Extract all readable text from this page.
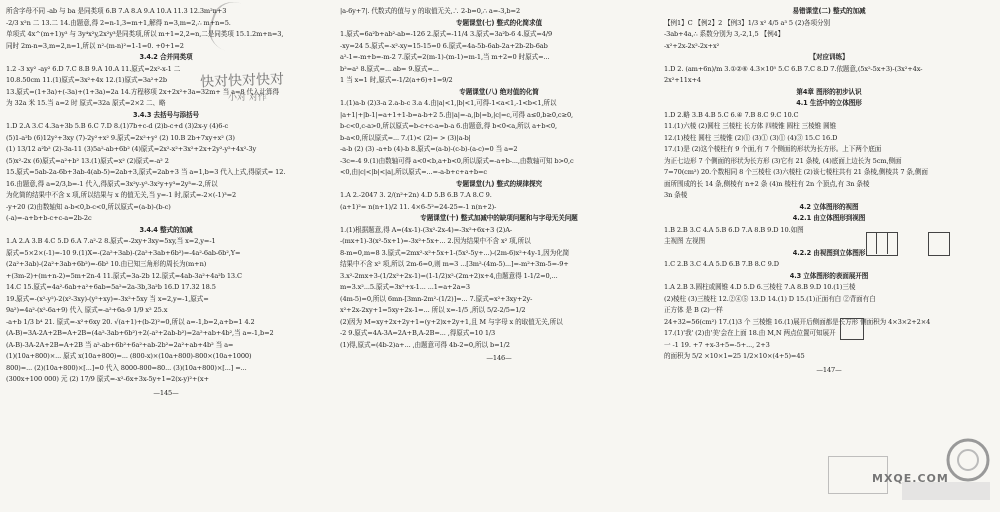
快对快对快对
小对 对作
所含字母不同 -ab 与 ba 是同类项 6.B 7.A 8.A 9.A 10.A 11.3 12.3m²n+3
-2/3 x²n 二 13.二 14.由题意,得 2=n-1,3=m+1,解得 n=3,m=2,∴ m+n=5.
单项式 4x^(m+1)y³ 与 3y⁴x²y,2x²y³是同类项,所以 m+1=2,2=n,二是同类项 15.1.2m+n=3,
同时 2m-n=3,m=2,n=1,所以 n²-(m-n)²=1-1=0. +0+1=2
3.4.2 合并同类项
1.2 -3 xy² -ay² 6.D 7.C 8.B 9.A 10.A 11.原式=2x²-x-1 二
10.8.50cm 11.(1)原式=3x²+4x 12.(1)原式=3a²+2b
13.原式=(1+3a)+(-3a)+(1+3a)=2a 14.方程移项 2x+2x²+3a=32m+ 当 a=8 代入计算得
为 32a 米 15.当 a=2 时 原式=32a 原式=2×2 二、略
3.4.3 去括号与添括号
1.D 2.A 3.C 4.3a+3b 5.B 6.C 7.D 8.(1)7b+c-d (2)b-c+d (3)2x-y (4)6-c
(5)1-a²b (6)12y²+3xy (7)-2y²+x² 9.原式=2x²+y² (2) 10.B 2b+7xy+x² (3)
(1) 13/12 a²b² (2)-3a-11 (3)5a²-ab+6b² (4)原式=2x²-x²+3x²+2x+2y²-y²+4x²-3y
(5)x²-2x (6)原式=a²+b² 13.(1)原式=x² (2)原式=-a² 2
15.原式=5ab-2a-6b+3ab-4(ab-5)=2ab+3,原式=2ab+3 当 a=1,b=3 代入上式,得原式= 12.
16.由题意,得 a=2/3,b=-1 代入,得原式=3x²y-y²-3x²y+y³=2y³=-2,所以
为化简的结果中不含 x 项,所以结果与 x 的值无关,当 y=-1 时,原式=-2×(-1)³=2
-y+20 (2)由数轴知 a-b<0,b-c<0,所以原式=(a-b)-(b-c)
(-a)=-a+b+b-c+c-a=2b-2c
3.4.4 整式的加减
1.A 2.A 3.B 4.C 5.D 6.A 7.a²-2 8.原式=-2xy+3xy=5xy,当 x=2,y=-1
原式=5×2×(-1)=-10 9.(1)X=-(2a²+3ab)-(2a²+3ab+6b²)=-4a²-6ab-6b²,Y=
(2a²+3ab)-(2a²+3ab+6b²)=-6b² 10.由已知三角形的周长为(m+n)
+(3m-2)+(m+n-2)=5m+2n-4 11.原式=3a-2b 12.原式=4ab-3a²+4a²b 13.C
14.C 15.原式=4a²-6ab+a²+6ab=5a²=2a-3b,3a²b 16.D 17.32 18.5
19.原式=-(x²-y²)-2(x²-3xy)-(y²+xy)=-3x²+5xy 当 x=2,y=-1,原式=
9a²)=4a²-(x²-6a+9) 代入 原式=-a²+6a-9 1/9 x² 25.x
-a+b 1/3 b⁴ 21. 原式=-x²+6xy 20. √(a+1)+(b-2)²=0,所以 a=-1,b=2,a+b=1 4.2
(A-B)=3A-2A+2B=A+2B=(4a²-3ab+6b²)+2(-a²+2ab-b²)=2a²+ab+4b²,当 a=-1,b=2
(A-B)-3A-2A+2B=A+2B 当 a²-ab+6b²+6a²+ab-2b²=2a²+ab+4b² 当 a=
(1)(10a+800)×... 原式 x(10a+800)=... (800-x)×(10a+800)-800×(10a+1000)
800)=... (2)(10a+800)×[...]=0 代入 8000-800=80... (3)(10a+800)×[...] =...
(300x+100 000) 元 (2) 17/9 原式=-x²-6x+3x-5y+1=2(x-y)²+(x+
—145—
|a-6y+7|. 代数式的值与 y 的取值无关,∴ 2-b=0,∴ a=-3,b=2
专题课堂(七) 整式的化简求值
1.原式=6a²b+ab²-ab=-126 2.原式=-11/4 3.原式=3a²b-6 4.原式=4/9
-xy=24 5.原式=-x²-xy=15-15=0 6.原式=4a-5b-6ab-2a+2b-2b-6ab
a²-1=-m+b=-m-2 7.原式=2(m-1)-(m-1)=m-1,当 m+2=0 时原式=...
b²=a² 8.原式=... ab= 9.原式=...
1 当 x=1 时,原式=-1/2(a+6)+1=9/2
专题课堂(八) 绝对值的化简
1.(1)a-b (2)3-a 2.a-b-c 3.a 4.由|a|<1,|b|<1,可得-1<a<1,-1<b<1,所以
|a+1|+|b-1|=a+1+1-b=a-b+2 5.由|a|=-a,|b|=b,|c|=c,可得 a≤0,b≥0,c≥0,
b-c<0,c-a>0,所以原式=b-c+c-a=b-a 6.由题意,得 b<0<a,所以 a+b<0,
b-a<0,所以原式=... 7.(1)< (2)= > (3)|a-b|
-a-b (2) (3) -a+b (4)-b 8.原式=(a-b)-(c-b)-(a-c)=0 当 a=2
-3c=-4 9.(1)由数轴可得 a<0<b,a+b<0,所以原式=-a+b-...,由数轴可知 b>0,c
<0,由|c|<|b|<|a|,所以原式=...=-a-b+c+a+b=c
专题课堂(九) 整式的规律探究
1.A 2.-2047 3. 2/(n²+2n) 4.D 5.B 6.B 7.A 8.C 9.
(a+1)²= n(n+1)/2 11. 4×6-5²=24-25=-1 n(n+2)-
专题课堂(十) 整式加减中的缺项问题和与字母无关问题
1.(1)根据题意,得 A=(4x-1)-(3x²-2x-4)=-3x²+6x+3 (2)A-
-(mx+1)-3(x²-5x+1)=-3x²+5x+... 2.因为结果中不含 x² 项,所以
8-m=0,m=8 3.原式=2mx²-x²+5x+1-(5x²-5y+...)-(2m-6)x²+4y-1,因为化简
结果中不含 x² 项,所以 2m-6=0,则 m=3 ...[3m²-(4m-5)...]=-m²+3m-5=-9+
3.x²-2mx+3-(1/2x²+2x-1)=(1-1/2)x²-(2m+2)x+4,由题意得 1-1/2=0,...
m=3.x²...5.原式=3x²+x-1... ...1=a+2a=3
(4m-5)=0,所以 6mn-[3mn-2m²-(1/2)]=... 7.原式=x²+3xy+2y-
x²+2x-2xy+1=5xy+2x-1=... 所以 x=-1/5 ,所以 5/2-2/5=1/2
(2)因为 M=xy+2x+2y+1=(y+2)x+2y+1,且 M 与字母 x 的取值无关,所以
-2 9.原式=4A-3A=2A+B,A-2B=... ,得原式=10 1/3
(1)得,原式=(4b-2)a+... ,由题意可得 4b-2=0,所以 b=1/2
—146—
易错课堂(二) 整式的加减
【例1】C 【例2】2 【例3】1/3 x² 4/5 a³ 5 (2)各项分别
-3ab+4a,∴ 系数分别为 3,-2,1,5 【例4】
-x²+2x-2x²-2x+x²
【对应训练】
1.D 2. (am+6n)/m 3.①②⑥ 4.3×10⁵ 5.C 6.B 7.C 8.D 7.依题意,(5x²-5x+3)-(3x²+4x-
2x²+11x+4
第4章 图形的初步认识
4.1 生活中的立体图形
1.D 2.略 3.B 4.B 5.C 6.④ 7.B 8.C 9.C 10.C
11.(1)六棱 (2)圆柱 三棱柱 长方体 四棱锥 圆柱 三棱锥 圆锥
12.(1)棱柱 圆柱 三棱锥 (2)① (3)① (3)① (4)③ 15.C 16.D
17.(1)是 (2)这个棱柱有 9 个面,有 7 个侧面的形状为长方形。上下两个底面
为正七边形 7 个侧面的形状为长方形 (3)它有 21 条棱, (4)底面上边长为 5cm,侧面
7=70(cm²) 20.个数相同 8 个三棱柱 (3)六棱柱 (2)该七棱柱共有 21 条棱,侧棱共 7 条,侧面
面所围成的长 14 条,侧棱有 n+2 条 (4)n 棱柱有 2n 个顶点,有 3n 条棱
3n 条棱
4.2 立体图形的视图
4.2.1 由立体图形到视图
1.B 2.B 3.C 4.A 5.B 6.D 7.A 8.B 9.D 10.如图
主视图 左视图
4.2.2 由视图到立体图形
1.C 2.B 3.C 4.A 5.D 6.B 7.B 8.C 9.D
4.3 立体图形的表面展开图
1.A 2.B 3.圆柱或圆锥 4.D 5.D 6.三棱柱 7.A 8.B 9.D 10.(1)三棱
(2)棱柱 (3)三棱柱 12.②④⑤ 13.D 14.(1) D 15.(1)正面有白 ②背面有白
正方体 是 B (2)一样
24+32=56(cm²) 17.(1)3 个 三棱锥 16.(1)展开后侧面都是长方形 侧面积为 4×3×2+2×4
17.(1)'我' (2)由'美'会在上面 18.由 M,N 两点位置可知展开
一 -1 19. +7 +x-3+5=-5+..., 2+3
的面积为 5/2 ×10×1=25 1/2×10×(4+5)=45
—147—
MXQE.COM
